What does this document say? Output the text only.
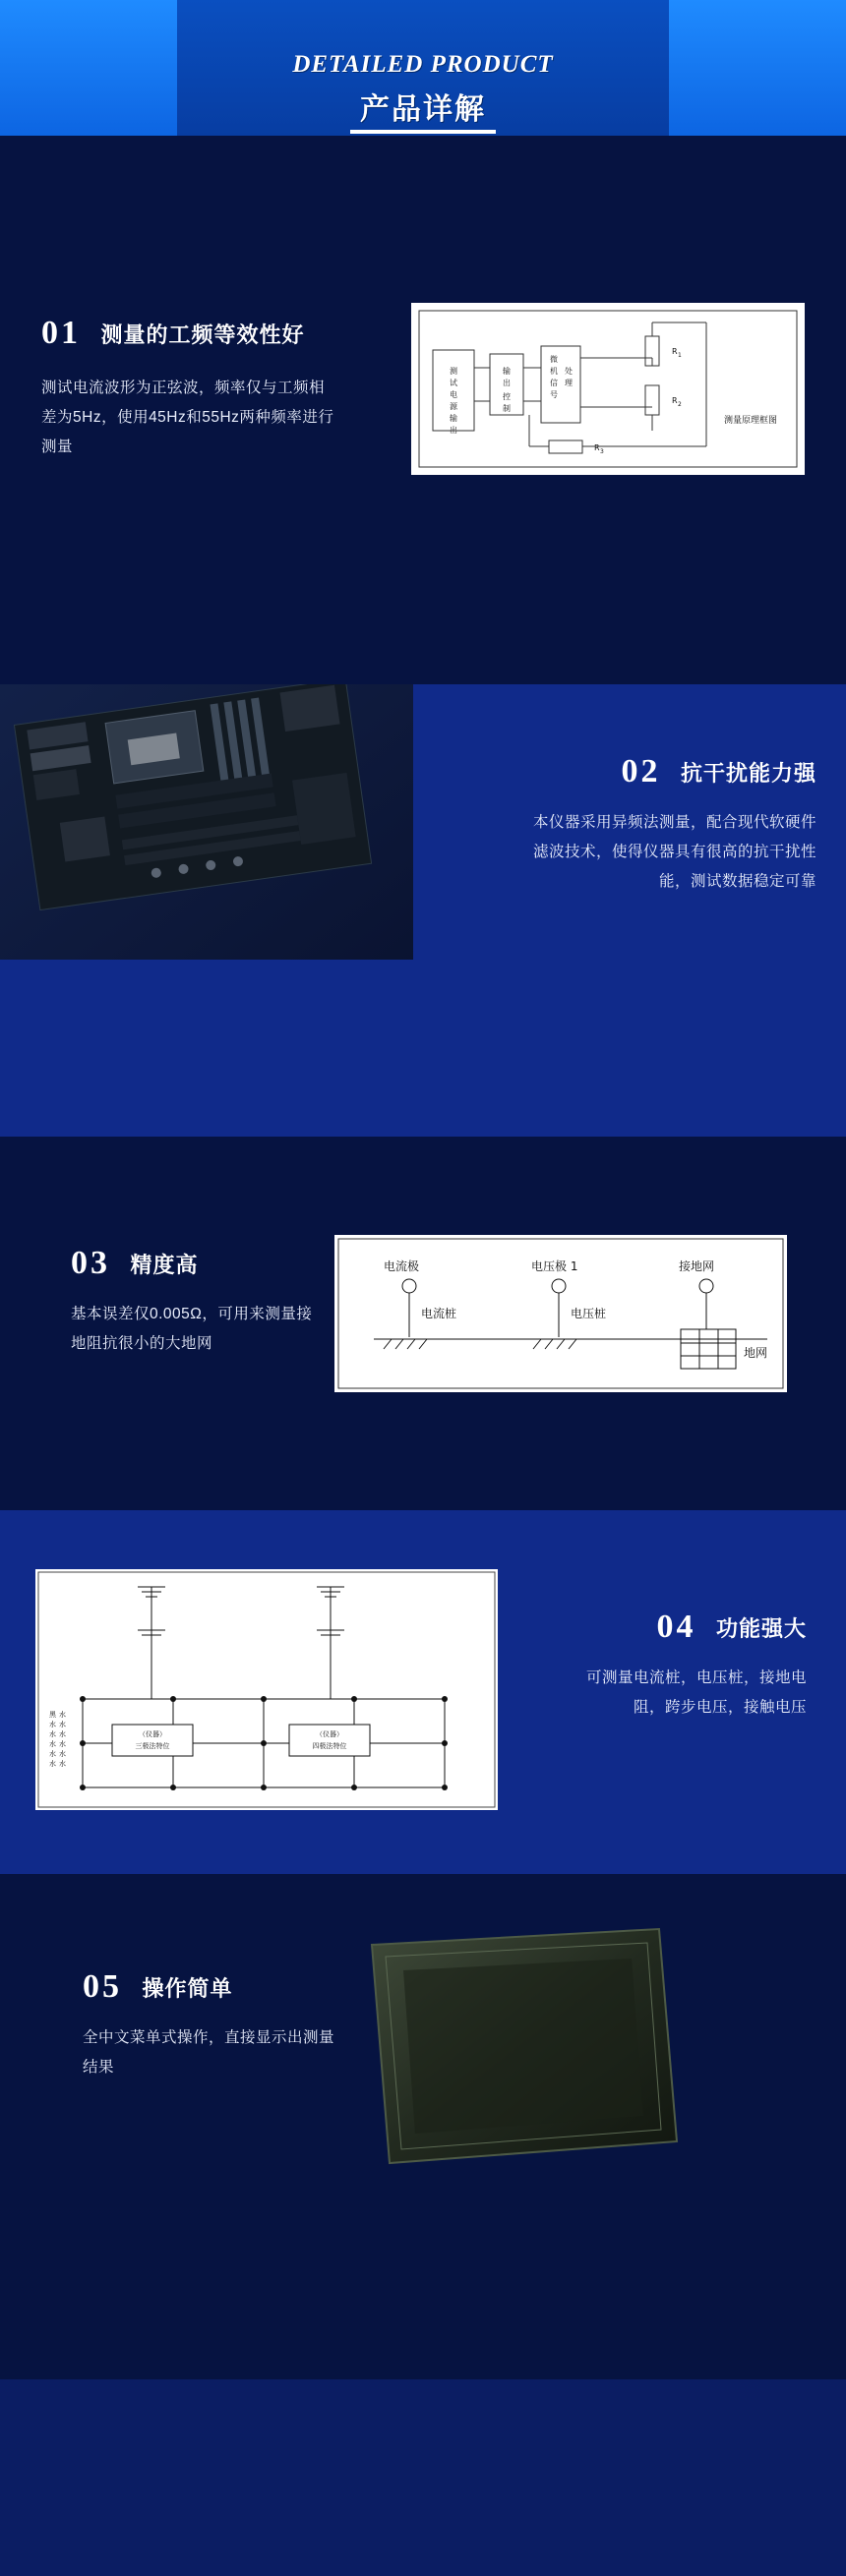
DETAILED PRODUCT
产品详解
01 测量的工频等效性好
测试电流波形为正弦波，频率仅与工频相差为5Hz，使用45Hz和55Hz两种频率进行测量
测
试
电
源
输
出
输
出
控
制
微
机
信
号
处
理
R 1
R 2
R 3
测量原理框图
02 抗干扰能力强
本仪器采用异频法测量，配合现代软硬件滤波技术，使得仪器具有很高的抗干扰性能，测试数据稳定可靠
03 精度高
基本误差仅0.005Ω，可用来测量接地阻抗很小的大地网
电流极	电压极 1	接地网
电流桩	电压桩
地网
（仪器）
三极法特位
（仪器）
四极法特位
黑
水
水
水
水
水
水
水
水
水
水
水
04 功能强大
可测量电流桩，电压桩，接地电阻，跨步电压，接触电压
05 操作简单
全中文菜单式操作，直接显示出测量结果
